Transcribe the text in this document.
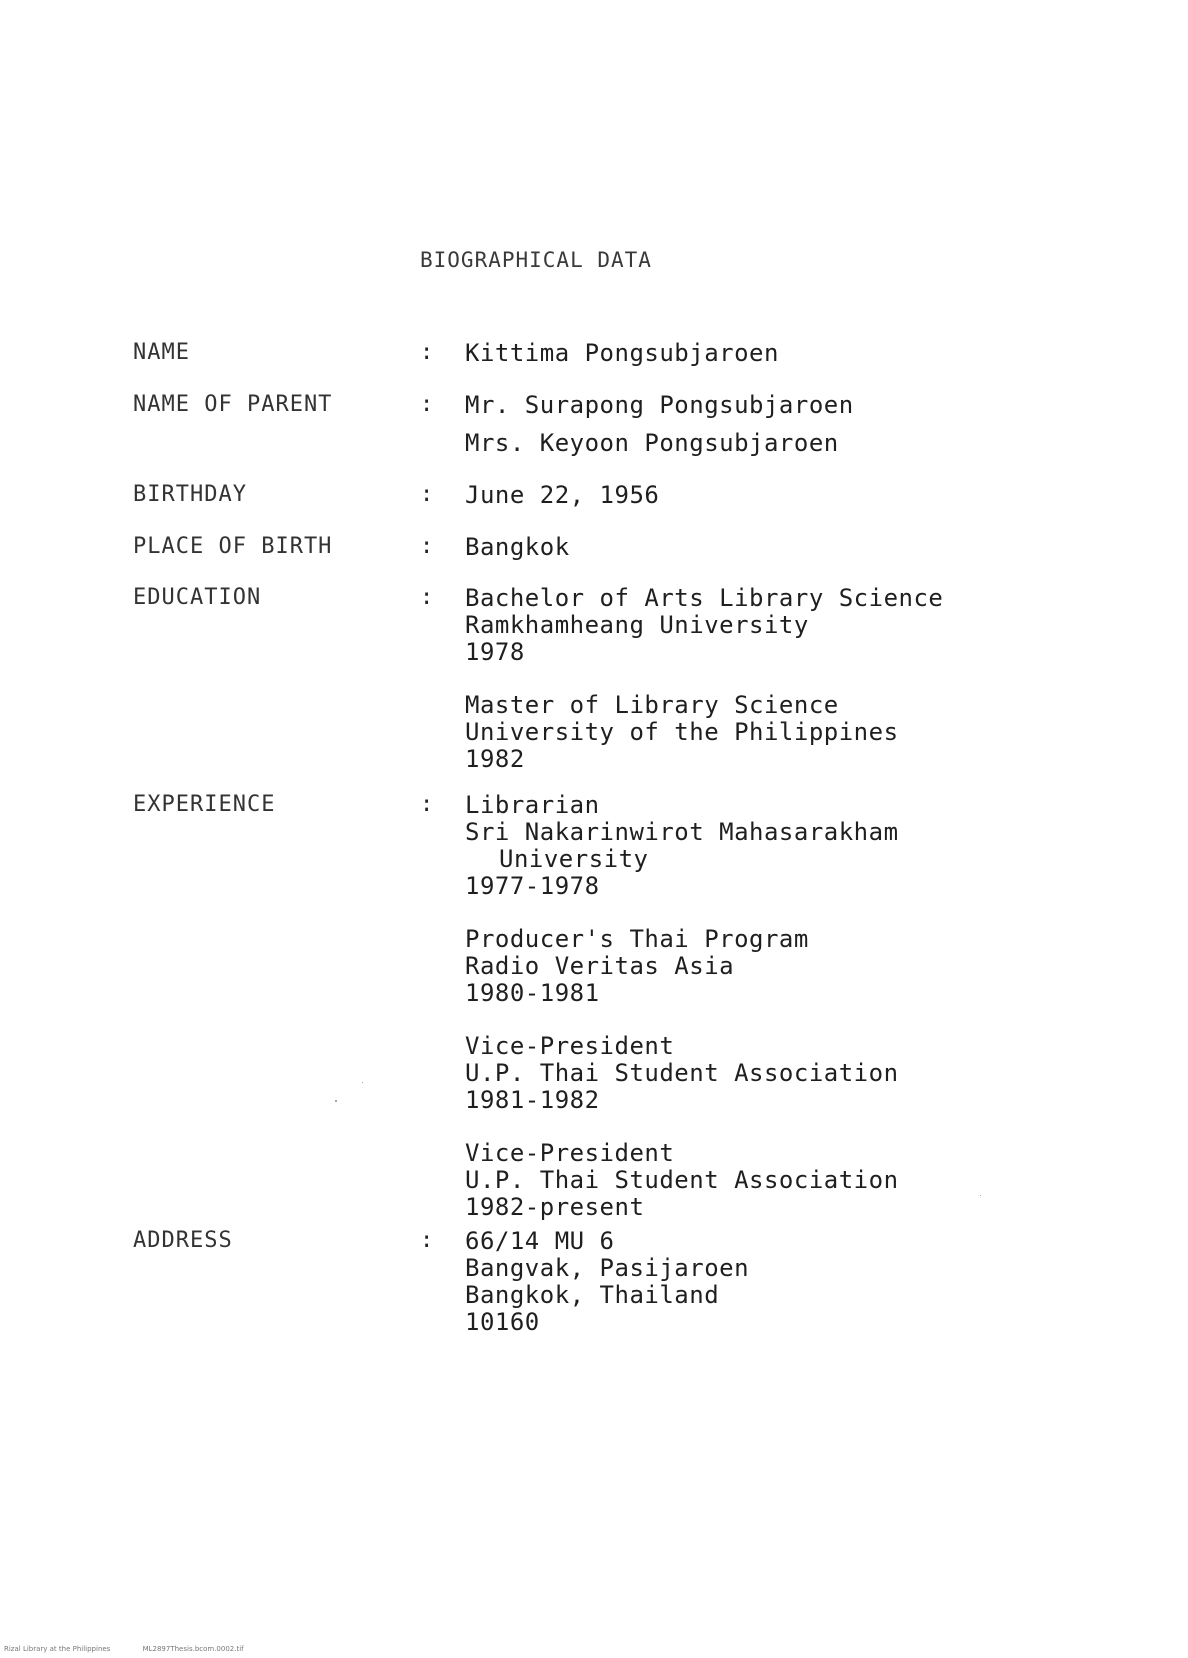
BIOGRAPHICAL DATA
NAME	: Kittima Pongsubjaroen
NAME OF PARENT	: Mr. Surapong Pongsubjaroen
Mrs. Keyoon Pongsubjaroen
BIRTHDAY	: June 22, 1956
PLACE OF BIRTH	: Bangkok
EDUCATION	: Bachelor of Arts Library Science
Ramkhamheang University
1978
Master of Library Science
University of the Philippines
1982
EXPERIENCE	: Librarian
Sri Nakarinwirot Mahasarakham
University
1977-1978
Producer's Thai Program
Radio Veritas Asia
1980-1981
Vice-President
U.P. Thai Student Association
1981-1982
Vice-President
U.P. Thai Student Association
1982-present
ADDRESS	: 66/14 MU 6
Bangvak, Pasijaroen
Bangkok, Thailand
10160
Rizal Library at the Philippines	ML2897Thesis.bcom.0002.tif
